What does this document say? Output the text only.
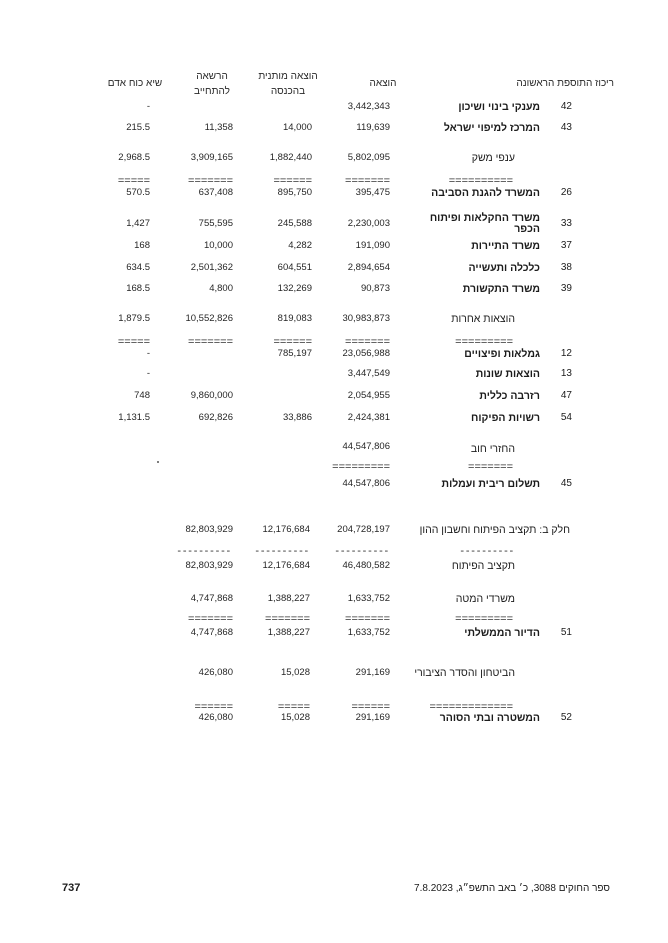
ריכוז התוספת הראשונה
הוצאה
הוצאה מותנית
בהכנסה
הרשאה
להתחייב
שיא כוח אדם
42
מענקי בינוי ושיכון
3,442,343
-
43
המרכז למיפוי ישראל
119,639
14,000
11,358
215.5
ענפי משק
5,802,095
1,882,440
3,909,165
2,968.5
==========
=======
======
=======
=====
26
המשרד להגנת הסביבה
395,475
895,750
637,408
570.5
33
משרד החקלאות ופיתוח
הכפר
2,230,003
245,588
755,595
1,427
37
משרד התיירות
191,090
4,282
10,000
168
38
כלכלה ותעשייה
2,894,654
604,551
2,501,362
634.5
39
משרד התקשורת
90,873
132,269
4,800
168.5
הוצאות אחרות
30,983,873
819,083
10,552,826
1,879.5
=========
=======
======
=======
=====
12
גמלאות ופיצויים
23,056,988
785,197
-
13
הוצאות שונות
3,447,549
-
47
רזרבה כללית
2,054,955
9,860,000
748
54
רשויות הפיקוח
2,424,381
33,886
692,826
1,131.5
החזרי חוב
44,547,806
=======
=========
45
תשלום ריבית ועמלות
44,547,806
חלק ב: תקציב הפיתוח וחשבון ההון
204,728,197
12,176,684
82,803,929
----------
----------
----------
----------
תקציב הפיתוח
46,480,582
12,176,684
82,803,929
משרדי המטה
1,633,752
1,388,227
4,747,868
=========
=======
=======
=======
51
הדיור הממשלתי
1,633,752
1,388,227
4,747,868
הביטחון והסדר הציבורי
291,169
15,028
426,080
=============
======
=====
======
52
המשטרה ובתי הסוהר
291,169
15,028
426,080
ספר החוקים 3088, כ׳ באב התשפ״ג, 7.8.2023
737
